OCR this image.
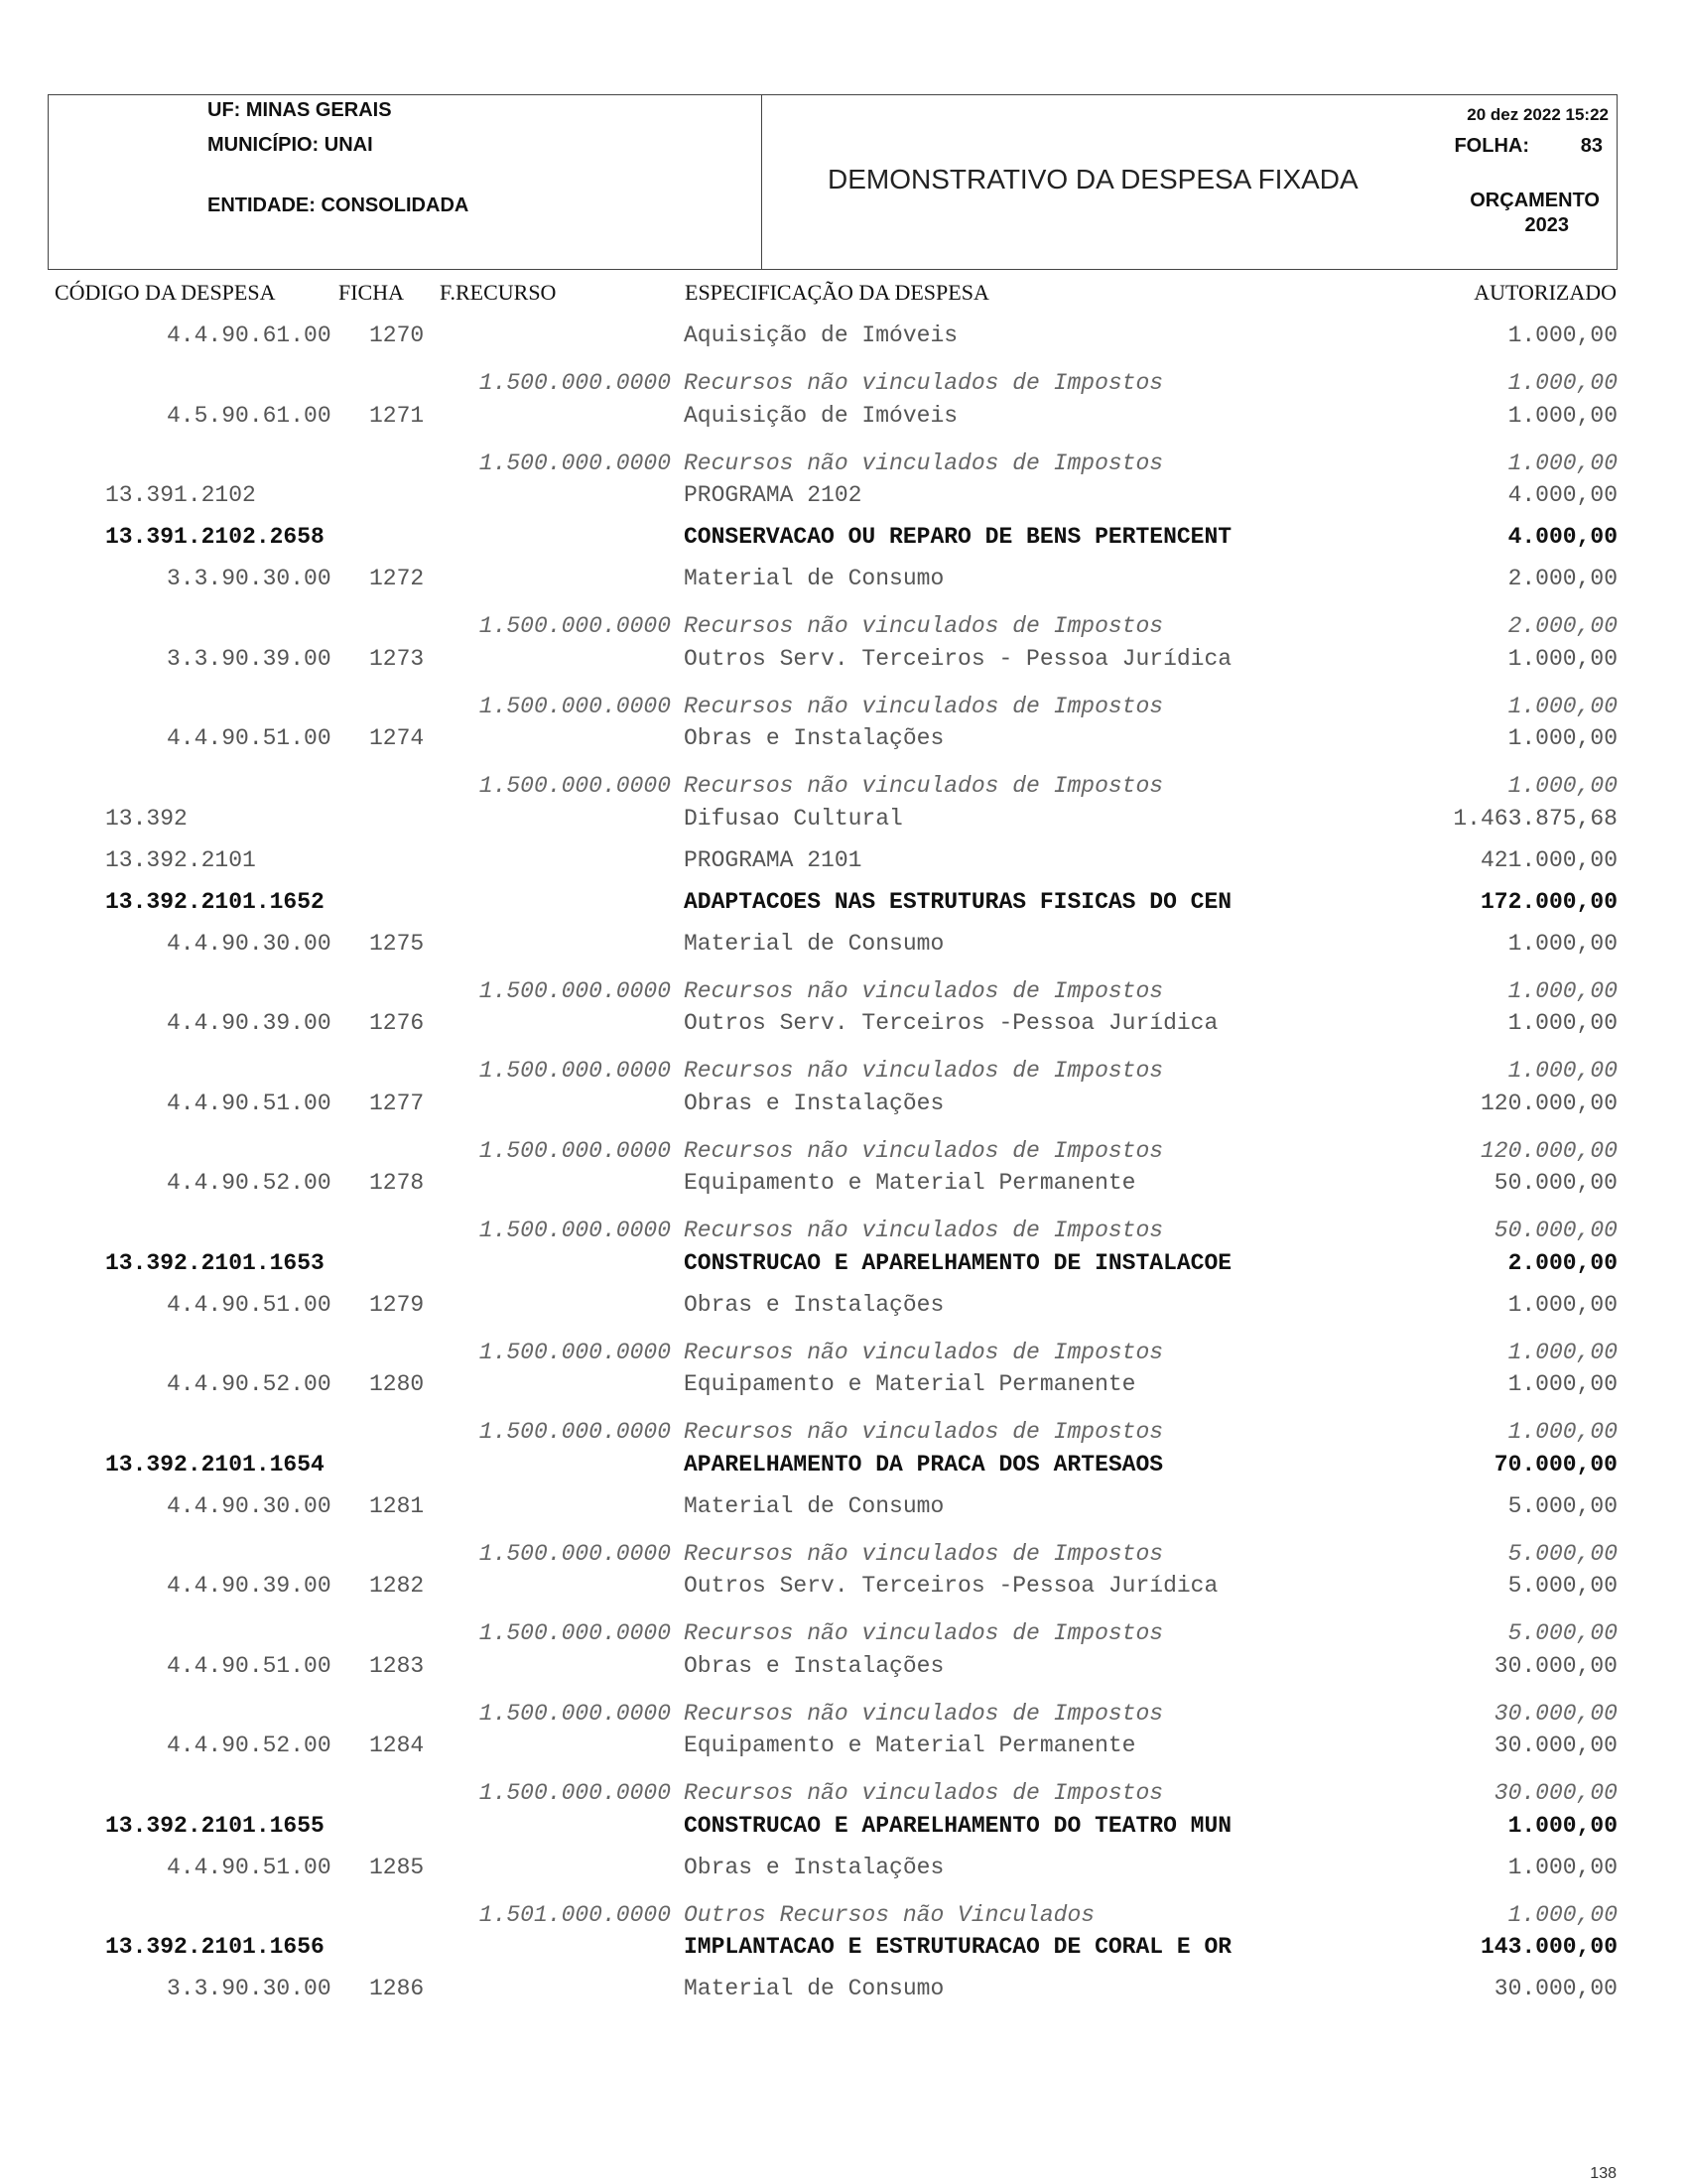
UF: MINAS GERAIS
MUNICÍPIO: UNAI
ENTIDADE: CONSOLIDADA
DEMONSTRATIVO DA DESPESA FIXADA
20 dez 2022 15:22
FOLHA:	83
ORÇAMENTO
2023
CÓDIGO DA DESPESA	FICHA F.RECURSO	ESPECIFICAÇÃO DA DESPESA	AUTORIZADO
4.4.90.61.00 1270	Aquisição de Imóveis	1.000,00
1.500.000.0000 Recursos não vinculados de Impostos	1.000,00
4.5.90.61.00 1271	Aquisição de Imóveis	1.000,00
1.500.000.0000 Recursos não vinculados de Impostos	1.000,00
13.391.2102	PROGRAMA 2102	4.000,00
13.391.2102.2658	CONSERVACAO OU REPARO DE BENS PERTENCENT	4.000,00
3.3.90.30.00 1272	Material de Consumo	2.000,00
1.500.000.0000 Recursos não vinculados de Impostos	2.000,00
3.3.90.39.00 1273	Outros Serv. Terceiros - Pessoa Jurídica	1.000,00
1.500.000.0000 Recursos não vinculados de Impostos	1.000,00
4.4.90.51.00 1274	Obras e Instalações	1.000,00
1.500.000.0000 Recursos não vinculados de Impostos	1.000,00
13.392	Difusao Cultural	1.463.875,68
13.392.2101	PROGRAMA 2101	421.000,00
13.392.2101.1652	ADAPTACOES NAS ESTRUTURAS FISICAS DO CEN	172.000,00
4.4.90.30.00 1275	Material de Consumo	1.000,00
1.500.000.0000 Recursos não vinculados de Impostos	1.000,00
4.4.90.39.00 1276	Outros Serv. Terceiros -Pessoa Jurídica	1.000,00
1.500.000.0000 Recursos não vinculados de Impostos	1.000,00
4.4.90.51.00 1277	Obras e Instalações	120.000,00
1.500.000.0000 Recursos não vinculados de Impostos	120.000,00
4.4.90.52.00 1278	Equipamento e Material Permanente	50.000,00
1.500.000.0000 Recursos não vinculados de Impostos	50.000,00
13.392.2101.1653	CONSTRUCAO E APARELHAMENTO DE INSTALACOE	2.000,00
4.4.90.51.00 1279	Obras e Instalações	1.000,00
1.500.000.0000 Recursos não vinculados de Impostos	1.000,00
4.4.90.52.00 1280	Equipamento e Material Permanente	1.000,00
1.500.000.0000 Recursos não vinculados de Impostos	1.000,00
13.392.2101.1654	APARELHAMENTO DA PRACA DOS ARTESAOS	70.000,00
4.4.90.30.00 1281	Material de Consumo	5.000,00
1.500.000.0000 Recursos não vinculados de Impostos	5.000,00
4.4.90.39.00 1282	Outros Serv. Terceiros -Pessoa Jurídica	5.000,00
1.500.000.0000 Recursos não vinculados de Impostos	5.000,00
4.4.90.51.00 1283	Obras e Instalações	30.000,00
1.500.000.0000 Recursos não vinculados de Impostos	30.000,00
4.4.90.52.00 1284	Equipamento e Material Permanente	30.000,00
1.500.000.0000 Recursos não vinculados de Impostos	30.000,00
13.392.2101.1655	CONSTRUCAO E APARELHAMENTO DO TEATRO MUN	1.000,00
4.4.90.51.00 1285	Obras e Instalações	1.000,00
1.501.000.0000 Outros Recursos não Vinculados	1.000,00
13.392.2101.1656	IMPLANTACAO E ESTRUTURACAO DE CORAL E OR	143.000,00
3.3.90.30.00 1286	Material de Consumo	30.000,00
138
